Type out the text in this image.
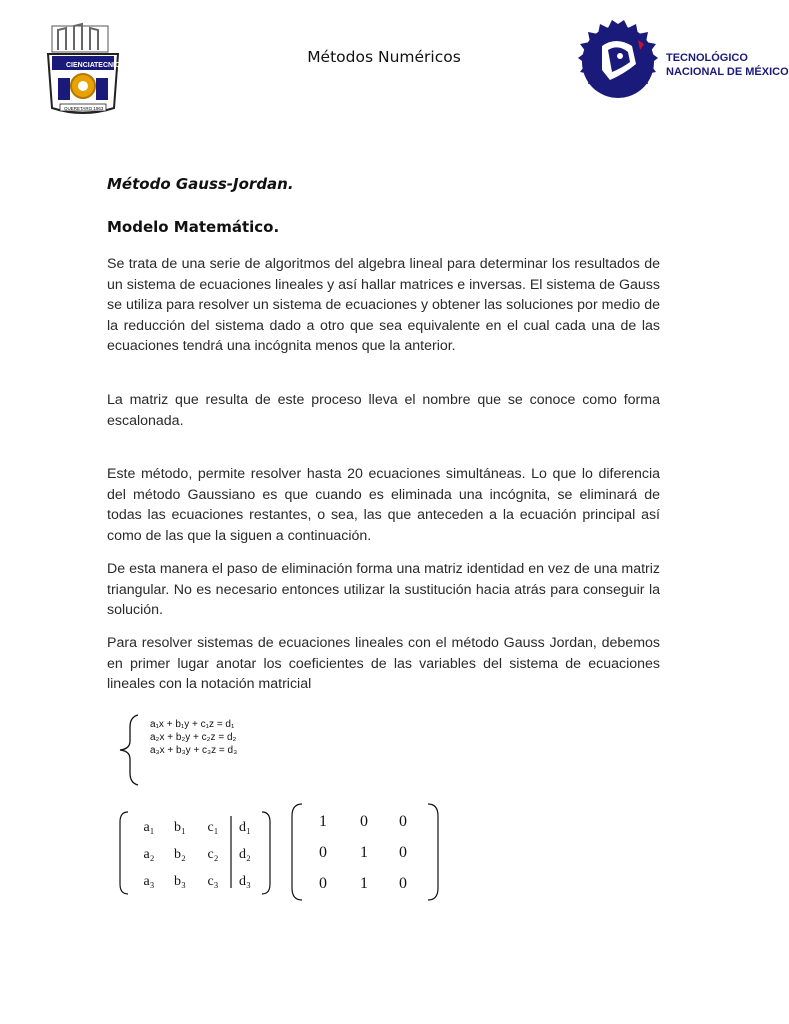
CIENCIA TECNICA
QUERETARO 1963
TECNOLÓGICO
NACIONAL DE MÉXICO
Métodos Numéricos
Método Gauss-Jordan.
Modelo Matemático.

Se trata de una serie de algoritmos del algebra lineal para determinar los resultados de un sistema de ecuaciones lineales y así hallar matrices e inversas. El sistema de Gauss se utiliza para resolver un sistema de ecuaciones y obtener las soluciones por medio de la reducción del sistema dado a otro que sea equivalente en el cual cada una de las ecuaciones tendrá una incógnita menos que la anterior.

La matriz que resulta de este proceso lleva el nombre que se conoce como forma escalonada.

Este método, permite resolver hasta 20 ecuaciones simultáneas. Lo que lo diferencia del método Gaussiano es que cuando es eliminada una incógnita, se eliminará de todas las ecuaciones restantes, o sea, las que anteceden a la ecuación principal así como de las que la siguen a continuación.

De esta manera el paso de eliminación forma una matriz identidad en vez de una matriz triangular. No es necesario entonces utilizar la sustitución hacia atrás para conseguir la solución.

Para resolver sistemas de ecuaciones lineales con el método Gauss Jordan, debemos en primer lugar anotar los coeficientes de las variables del sistema de ecuaciones lineales con la notación matricial

a₁x + b₁y + c₁z = d₁
a₂x + b₂y + c₂z = d₂
a₃x + b₃y + c₃z = d₃
a₁	b₁	c₁	d₁
a₂	b₂	c₂	d₂
a₃	b₃	c₃	d₃
1	0	0
0	1	0
0	1	0
